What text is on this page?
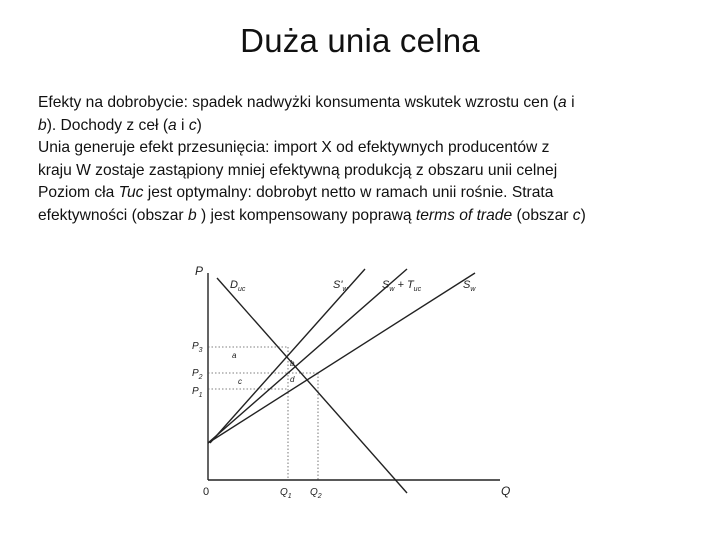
Duża unia celna

Efekty na dobrobycie: spadek nadwyżki konsumenta wskutek wzrostu cen (a i

b). Dochody z ceł (a i c)

Unia generuje efekt przesunięcia: import X od efektywnych producentów z

kraju W zostaje zastąpiony mniej efektywną produkcją z obszaru unii celnej

Poziom cła Tuc jest optymalny: dobrobyt netto w ramach unii rośnie. Strata

efektywności (obszar b ) jest kompensowany poprawą terms of trade (obszar c)

P
Q
0
$D_{uc}$	$S'_w$	$S_w + T_{uc}$	$S_w$
$P_3$
$P_2$
$P_1$
$Q_1$ $Q_2$
a
b
c	d
